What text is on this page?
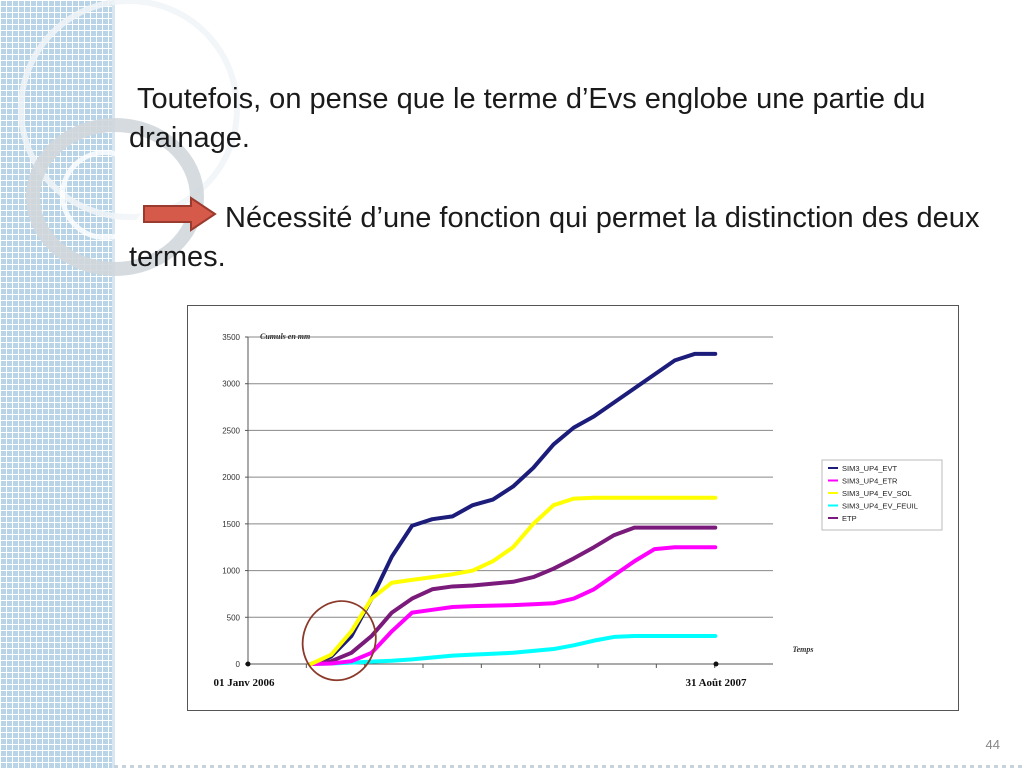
Toutefois, on pense que le terme d’Evs englobe une partie du drainage.
Nécessité d’une fonction qui permet la distinction des deux termes.
0
500
1000
1500
2000
2500
3000
3500	Cumuls en mm
Temps
01 Janv 2006	31 Août 2007
SIM3_UP4_EVT
SIM3_UP4_ETR
SIM3_UP4_EV_SOL
SIM3_UP4_EV_FEUIL
ETP
44
